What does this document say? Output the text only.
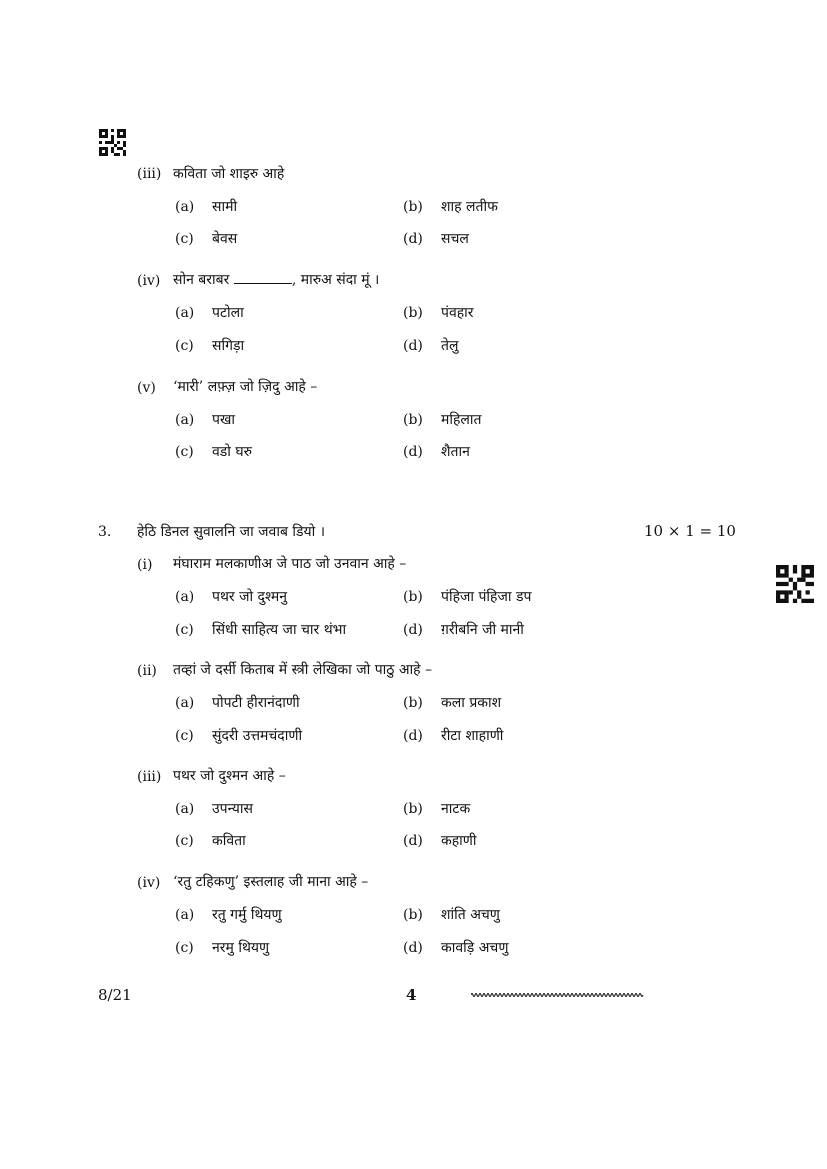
(iii) कविता जो शाइरु आहे
(a) सामी	(b) शाह लतीफ
(c) बेवस	(d) सचल
(iv) सोन बराबर	, मारुअ संदा मूं ।
(a) पटोला	(b) पंवहार
(c) सगिड़ा	(d) तेलु
(v) ‘मारी’ लफ़्ज़ जो ज़िदु आहे –
(a) पखा	(b) महिलात
(c) वडो घरु	(d) शैतान
3. हेठि डिनल सुवालनि जा जवाब डियो ।	10 × 1 = 10
(i) मंघाराम मलकाणीअ जे पाठ जो उनवान आहे –
(a) पथर जो दुश्मनु	(b) पंहिजा पंहिजा डप
(c) सिंधी साहित्य जा चार थंभा	(d) ग़रीबनि जी मानी
(ii) तव्हां जे दर्सी किताब में स्त्री लेखिका जो पाठु आहे –
(a) पोपटी हीरानंदाणी	(b) कला प्रकाश
(c) सुंदरी उत्तमचंदाणी	(d) रीटा शाहाणी
(iii) पथर जो दुश्मन आहे –
(a) उपन्यास	(b) नाटक
(c) कविता	(d) कहाणी
(iv) ‘रतु टहिकणु’ इस्तलाह जी माना आहे –
(a) रतु गर्मु थियणु	(b) शांति अचणु
(c) नरमु थियणु	(d) कावड़ि अचणु
8/21	4
